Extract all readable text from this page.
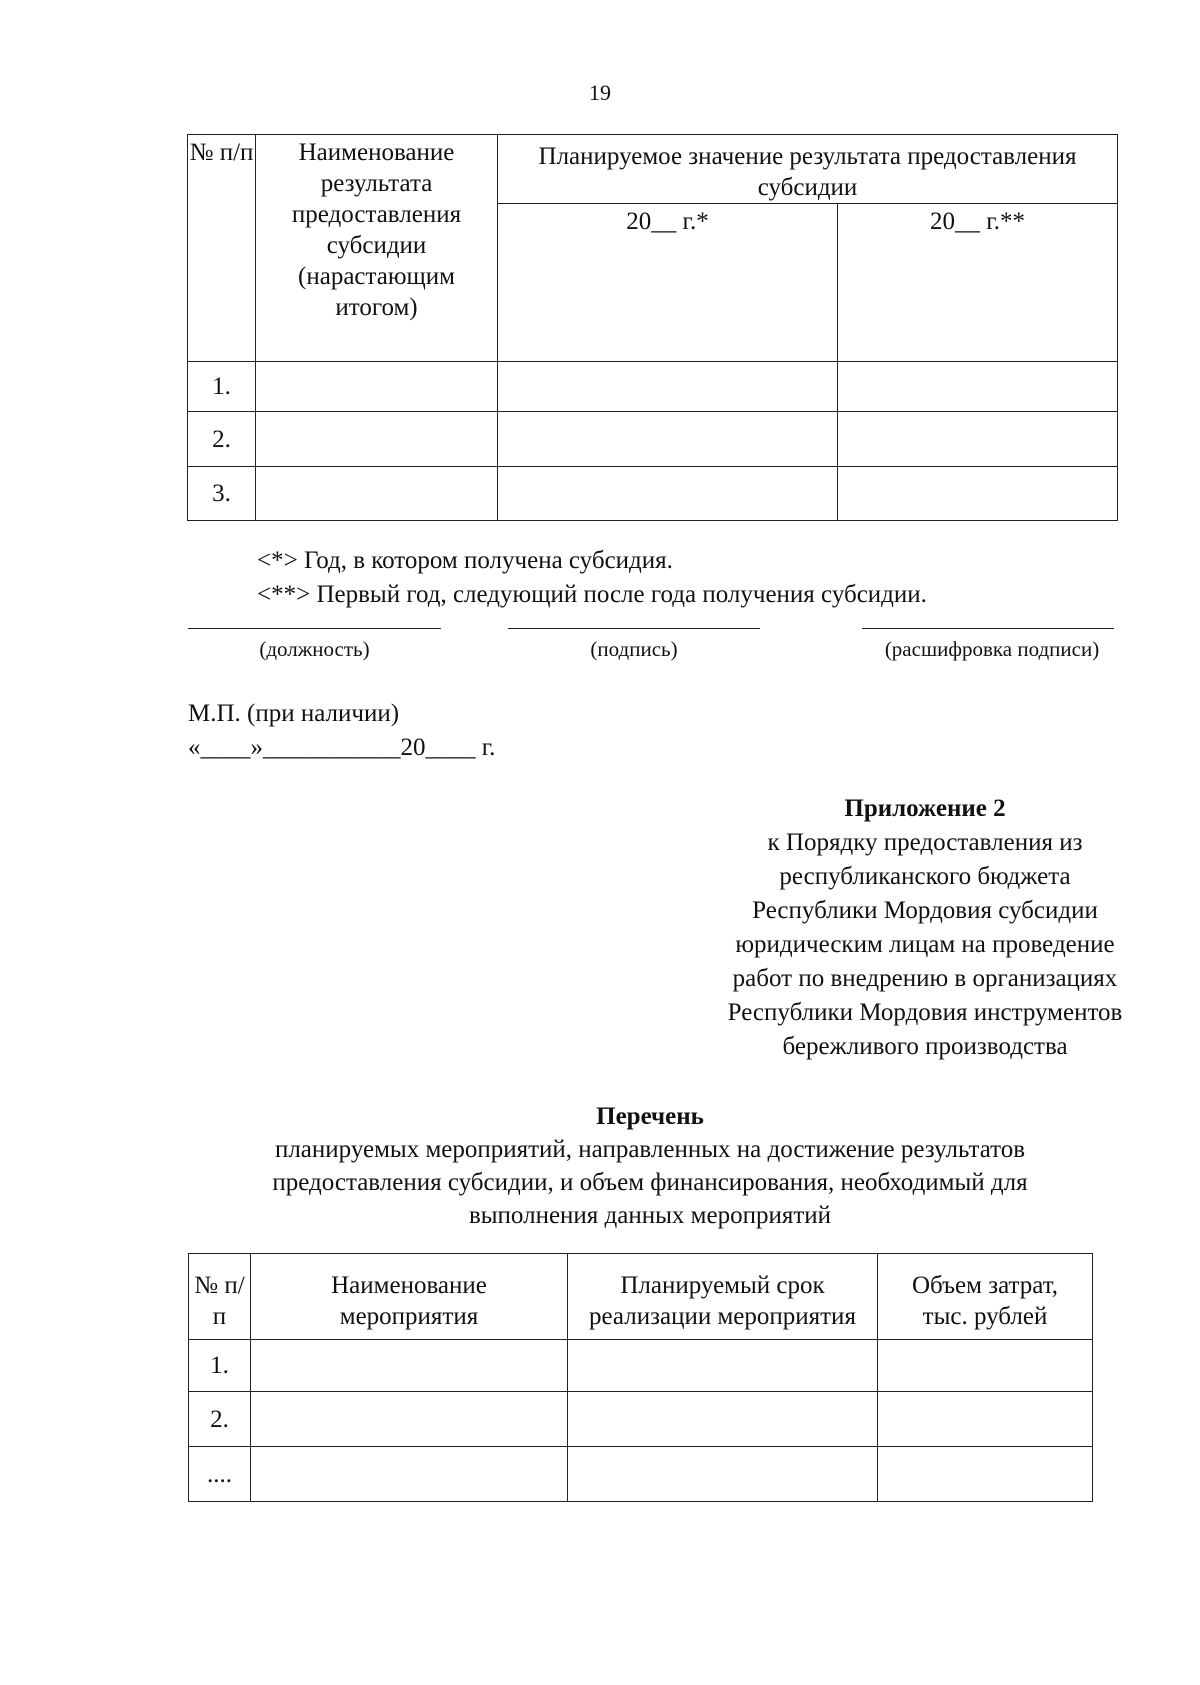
19
№ п/п	Наименование результата предоставления субсидии (нарастающим итогом)	Планируемое значение результата предоставления субсидии	
		20__ г.*	20__ г.**
1.			
2.			
3.			
<*> Год, в котором получена субсидия.
<**> Первый год, следующий после года получения субсидии.
(должность)	(подпись)	(расшифровка подписи)
М.П. (при наличии)
«____»___________20____ г.
Приложение 2
к Порядку предоставления из
республиканского бюджета
Республики Мордовия субсидии
юридическим лицам на проведение
работ по внедрению в организациях
Республики Мордовия инструментов
бережливого производства
Перечень
планируемых мероприятий, направленных на достижение результатов
предоставления субсидии, и объем финансирования, необходимый для
выполнения данных мероприятий
№ п/п	Наименование мероприятия	Планируемый срок реализации мероприятия	Объем затрат, тыс. рублей
1.			
2.			
....			
